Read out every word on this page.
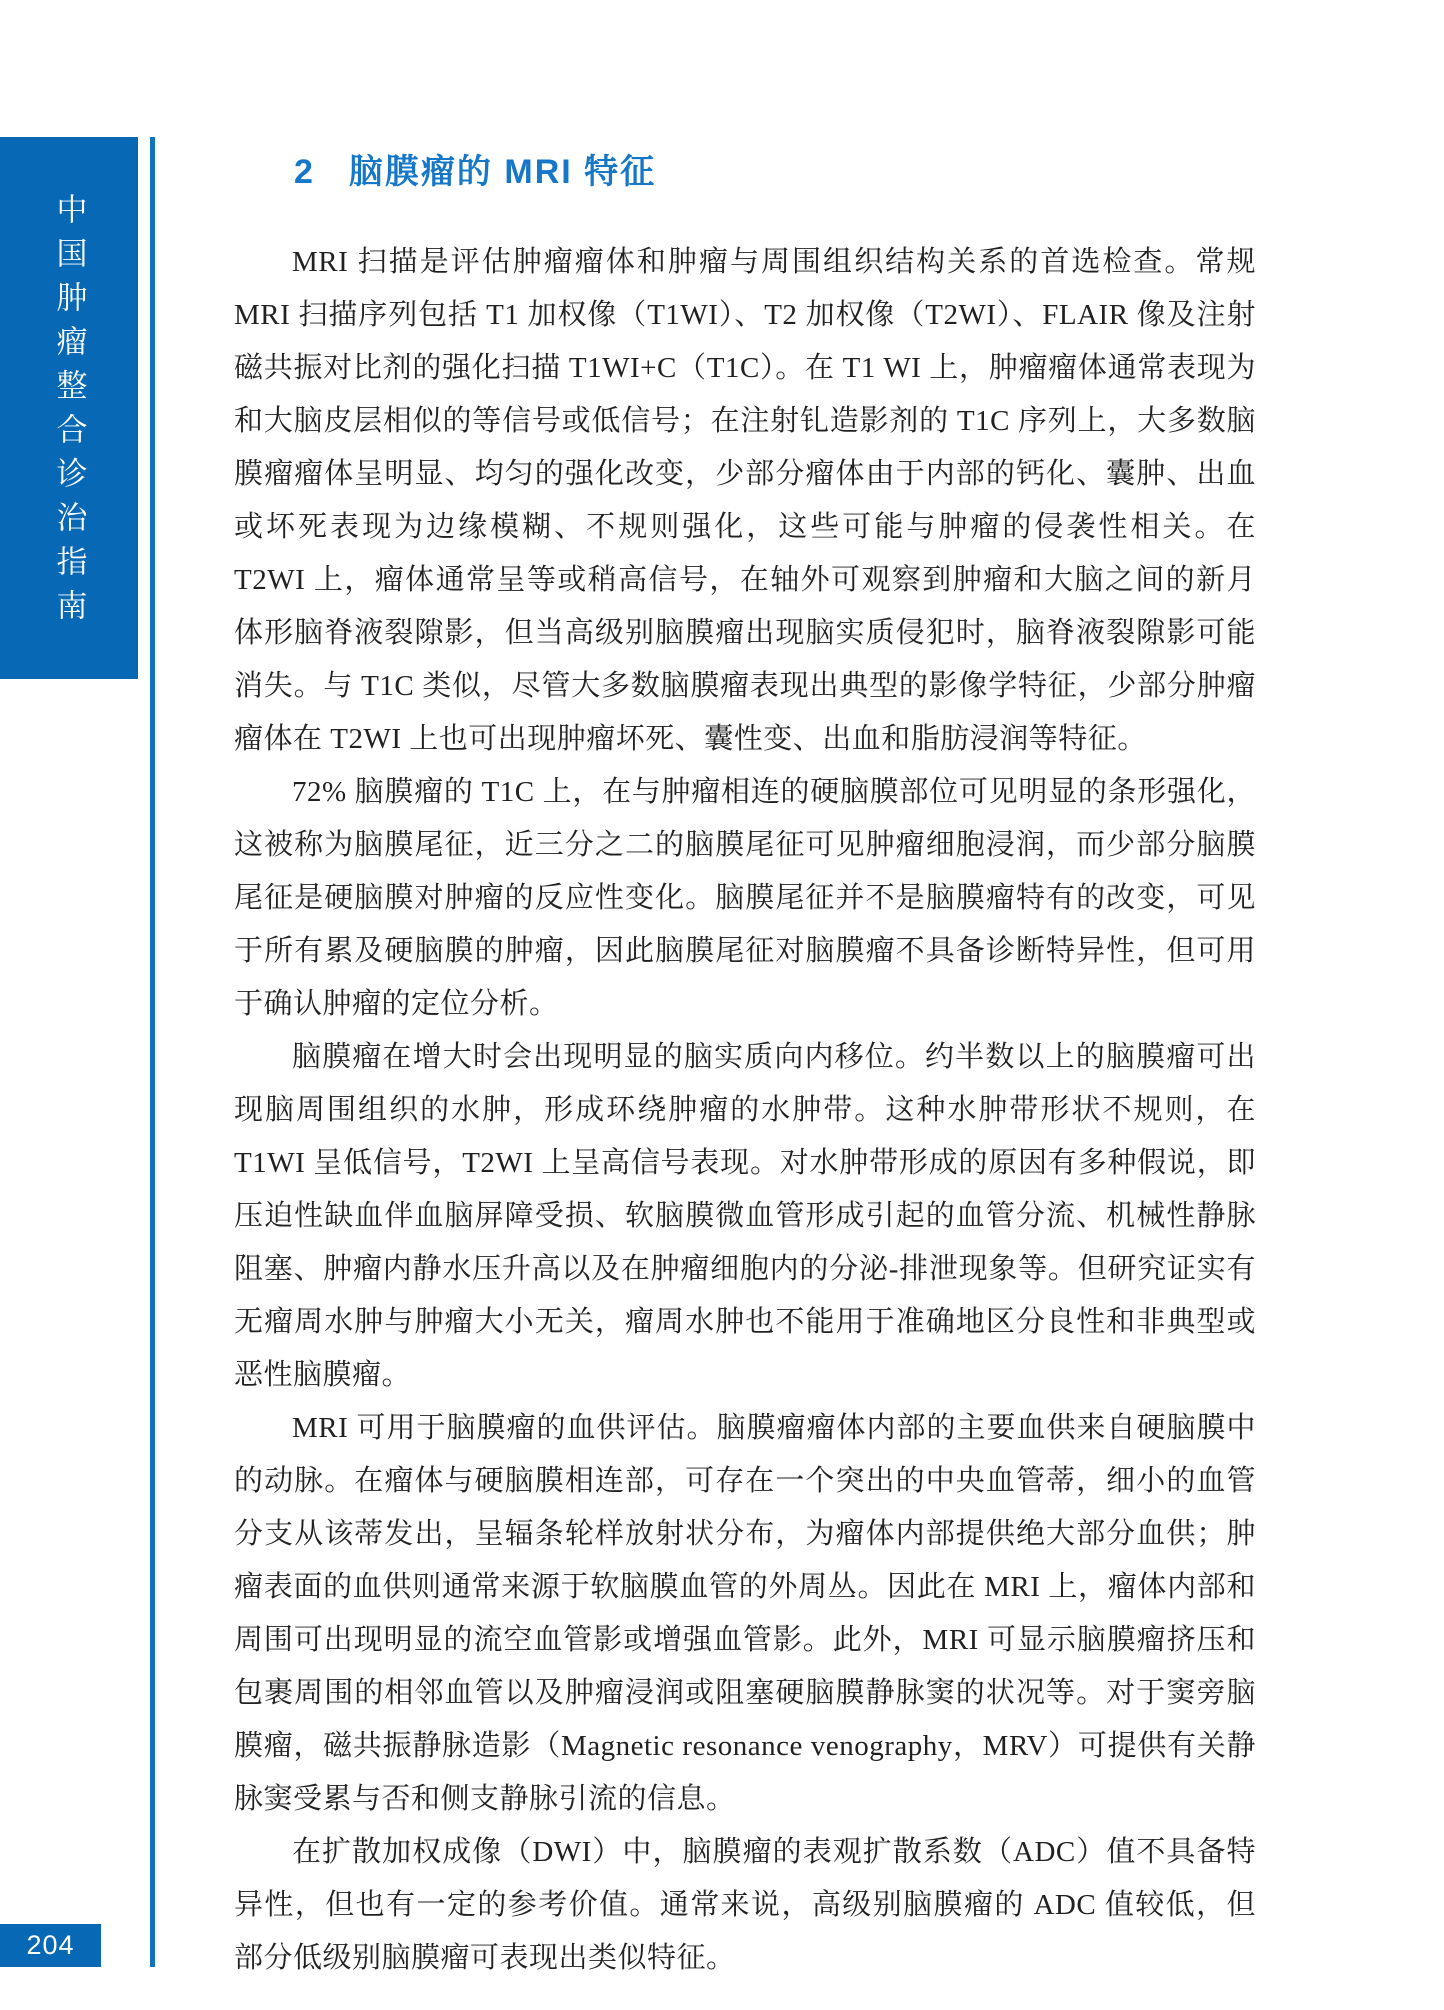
中国肿瘤整合诊治指南
204
2 脑膜瘤的 MRI 特征

MRI 扫描是评估肿瘤瘤体和肿瘤与周围组织结构关系的首选检查。常规 MRI 扫描序列包括 T1 加权像（T1WI）、T2 加权像（T2WI）、FLAIR 像及注射磁共振对比剂的强化扫描 T1WI+C（T1C）。在 T1 WI 上，肿瘤瘤体通常表现为和大脑皮层相似的等信号或低信号；在注射钆造影剂的 T1C 序列上，大多数脑膜瘤瘤体呈明显、均匀的强化改变，少部分瘤体由于内部的钙化、囊肿、出血或坏死表现为边缘模糊、不规则强化，这些可能与肿瘤的侵袭性相关。在 T2WI 上，瘤体通常呈等或稍高信号，在轴外可观察到肿瘤和大脑之间的新月体形脑脊液裂隙影，但当高级别脑膜瘤出现脑实质侵犯时，脑脊液裂隙影可能消失。与 T1C 类似，尽管大多数脑膜瘤表现出典型的影像学特征，少部分肿瘤瘤体在 T2WI 上也可出现肿瘤坏死、囊性变、出血和脂肪浸润等特征。

72% 脑膜瘤的 T1C 上，在与肿瘤相连的硬脑膜部位可见明显的条形强化，这被称为脑膜尾征，近三分之二的脑膜尾征可见肿瘤细胞浸润，而少部分脑膜尾征是硬脑膜对肿瘤的反应性变化。脑膜尾征并不是脑膜瘤特有的改变，可见于所有累及硬脑膜的肿瘤，因此脑膜尾征对脑膜瘤不具备诊断特异性，但可用于确认肿瘤的定位分析。

脑膜瘤在增大时会出现明显的脑实质向内移位。约半数以上的脑膜瘤可出现脑周围组织的水肿，形成环绕肿瘤的水肿带。这种水肿带形状不规则，在 T1WI 呈低信号，T2WI 上呈高信号表现。对水肿带形成的原因有多种假说，即压迫性缺血伴血脑屏障受损、软脑膜微血管形成引起的血管分流、机械性静脉阻塞、肿瘤内静水压升高以及在肿瘤细胞内的分泌-排泄现象等。但研究证实有无瘤周水肿与肿瘤大小无关，瘤周水肿也不能用于准确地区分良性和非典型或恶性脑膜瘤。

MRI 可用于脑膜瘤的血供评估。脑膜瘤瘤体内部的主要血供来自硬脑膜中的动脉。在瘤体与硬脑膜相连部，可存在一个突出的中央血管蒂，细小的血管分支从该蒂发出，呈辐条轮样放射状分布，为瘤体内部提供绝大部分血供；肿瘤表面的血供则通常来源于软脑膜血管的外周丛。因此在 MRI 上，瘤体内部和周围可出现明显的流空血管影或增强血管影。此外，MRI 可显示脑膜瘤挤压和包裹周围的相邻血管以及肿瘤浸润或阻塞硬脑膜静脉窦的状况等。对于窦旁脑膜瘤，磁共振静脉造影（Magnetic resonance venography，MRV）可提供有关静脉窦受累与否和侧支静脉引流的信息。

在扩散加权成像（DWI）中，脑膜瘤的表观扩散系数（ADC）值不具备特异性，但也有一定的参考价值。通常来说，高级别脑膜瘤的 ADC 值较低，但部分低级别脑膜瘤可表现出类似特征。
